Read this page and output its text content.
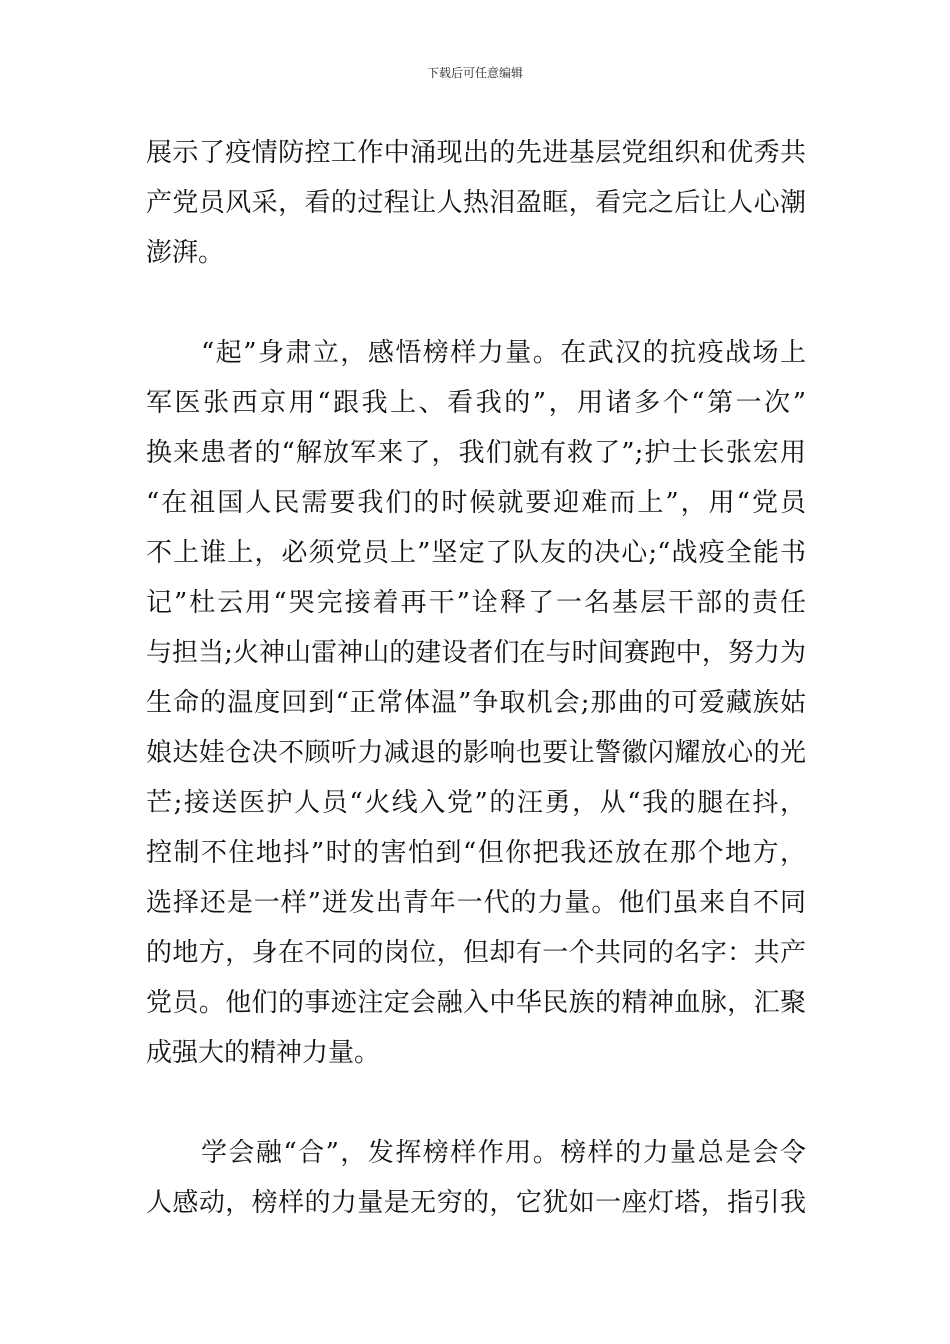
下载后可任意编辑
展示了疫情防控工作中涌现出的先进基层党组织和优秀共
产党员风采，看的过程让人热泪盈眶，看完之后让人心潮
澎湃。
　　“起”身肃立，感悟榜样力量。在武汉的抗疫战场上
军医张西京用“跟我上、看我的”，用诸多个“第一次”
换来患者的“解放军来了，我们就有救了”;护士长张宏用
“在祖国人民需要我们的时候就要迎难而上”，用“党员
不上谁上，必须党员上”坚定了队友的决心;“战疫全能书
记”杜云用“哭完接着再干”诠释了一名基层干部的责任
与担当;火神山雷神山的建设者们在与时间赛跑中，努力为
生命的温度回到“正常体温”争取机会;那曲的可爱藏族姑
娘达娃仓决不顾听力减退的影响也要让警徽闪耀放心的光
芒;接送医护人员“火线入党”的汪勇，从“我的腿在抖，
控制不住地抖”时的害怕到“但你把我还放在那个地方，
选择还是一样”迸发出青年一代的力量。他们虽来自不同
的地方，身在不同的岗位，但却有一个共同的名字：共产
党员。他们的事迹注定会融入中华民族的精神血脉，汇聚
成强大的精神力量。
　　学会融“合”，发挥榜样作用。榜样的力量总是会令
人感动，榜样的力量是无穷的，它犹如一座灯塔，指引我
